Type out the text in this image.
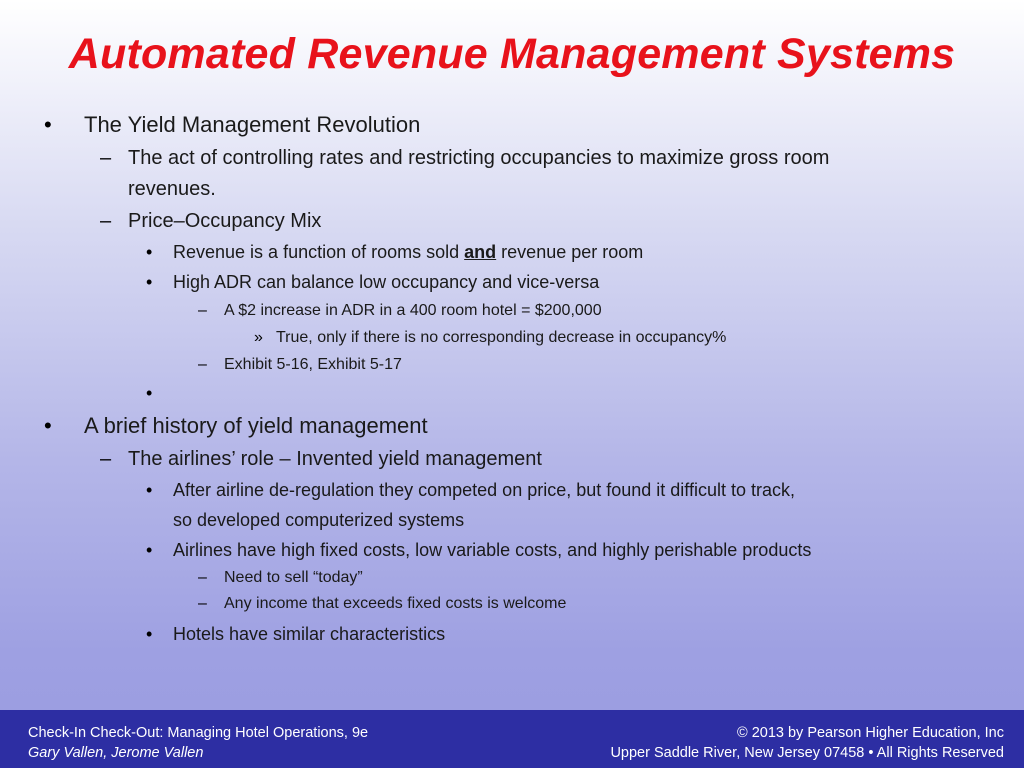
Automated Revenue Management Systems
• The Yield Management Revolution
– The act of controlling rates and restricting occupancies to maximize gross room
revenues.
– Price–Occupancy Mix
• Revenue is a function of rooms sold and revenue per room
• High ADR can balance low occupancy and vice-versa
– A $2 increase in ADR in a 400 room hotel = $200,000
» True, only if there is no corresponding decrease in occupancy%
– Exhibit 5-16, Exhibit 5-17
•
• A brief history of yield management
– The airlines’ role – Invented yield management
• After airline de-regulation they competed on price, but found it difficult to track,
so developed computerized systems
• Airlines have high fixed costs, low variable costs, and highly perishable products
– Need to sell “today”
– Any income that exceeds fixed costs is welcome
• Hotels have similar characteristics
Check-In Check-Out: Managing Hotel Operations, 9e
Gary Vallen, Jerome Vallen
© 2013 by Pearson Higher Education, Inc
Upper Saddle River, New Jersey 07458 • All Rights Reserved
